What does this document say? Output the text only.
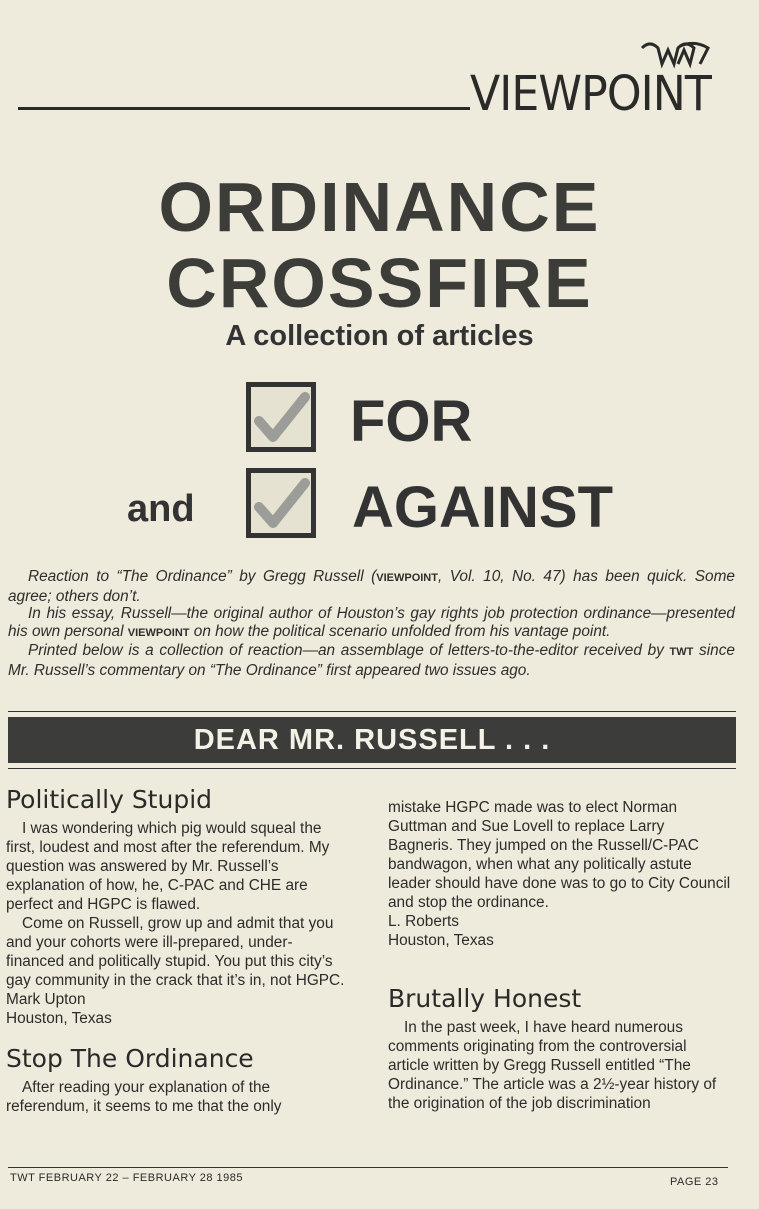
VIEWPOINT
ORDINANCE
CROSSFIRE
A collection of articles
FOR
and	AGAINST

Reaction to “The Ordinance” by Gregg Russell (VIEWPOINT, Vol. 10, No. 47) has been quick. Some agree; others don’t.

In his essay, Russell—the original author of Houston’s gay rights job protection ordinance—presented his own personal VIEWPOINT on how the political scenario unfolded from his vantage point.

Printed below is a collection of reaction—an assemblage of letters-to-the-editor received by TWT since Mr. Russell’s commentary on “The Ordinance” first appeared two issues ago.

DEAR MR. RUSSELL . . .
Politically Stupid

I was wondering which pig would squeal the first, loudest and most after the referendum. My question was answered by Mr. Russell’s explanation of how, he, C-PAC and CHE are perfect and HGPC is flawed.

Come on Russell, grow up and admit that you and your cohorts were ill-prepared, under-financed and politically stupid. You put this city’s gay community in the crack that it’s in, not HGPC.

Mark Upton

Houston, Texas

Stop The Ordinance

After reading your explanation of the referendum, it seems to me that the only

mistake HGPC made was to elect Norman Guttman and Sue Lovell to replace Larry Bagneris. They jumped on the Russell/C-PAC bandwagon, when what any politically astute leader should have done was to go to City Council and stop the ordinance.

L. Roberts

Houston, Texas

Brutally Honest

In the past week, I have heard numerous comments originating from the controversial article written by Gregg Russell entitled “The Ordinance.” The article was a 2½-year history of the origination of the job discrimination

TWT FEBRUARY 22 – FEBRUARY 28 1985	PAGE 23
